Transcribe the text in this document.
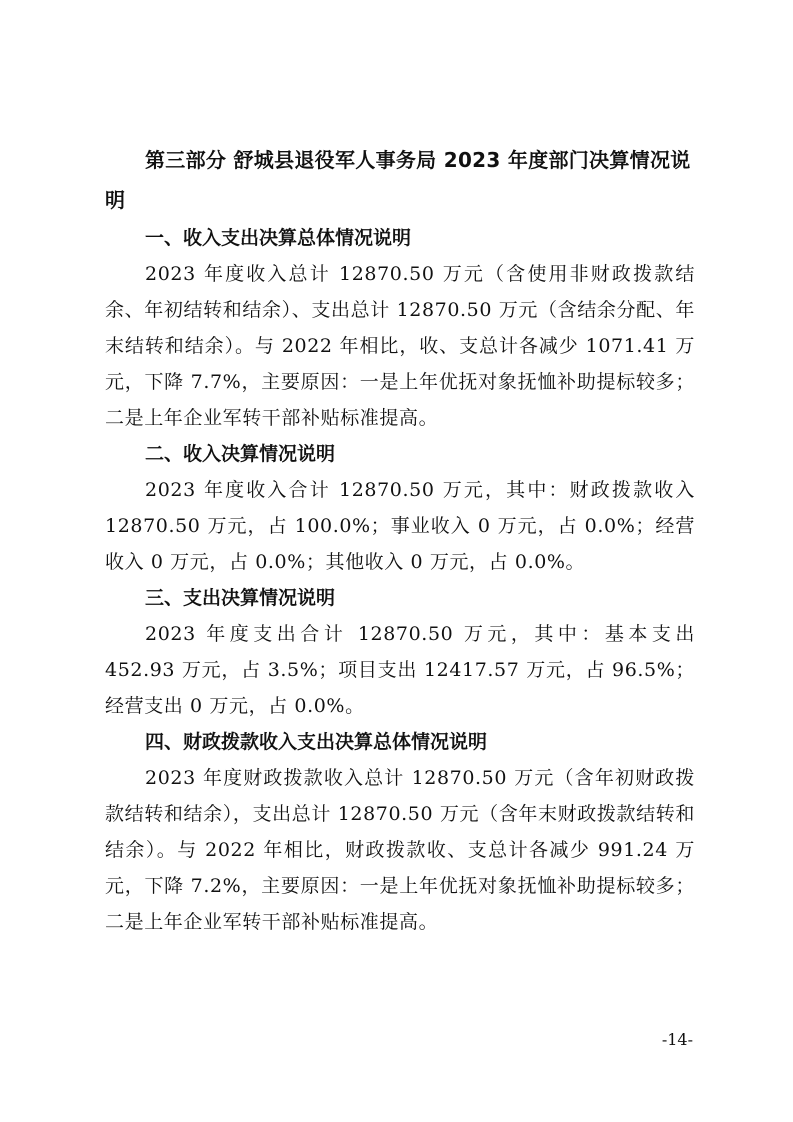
第三部分 舒城县退役军人事务局 2023 年度部门决算情况说明

一、收入支出决算总体情况说明

2023 年度收入总计 12870.50 万元（含使用非财政拨款结余、年初结转和结余）、支出总计 12870.50 万元（含结余分配、年末结转和结余）。与 2022 年相比，收、支总计各减少 1071.41 万元，下降 7.7%，主要原因：一是上年优抚对象抚恤补助提标较多；二是上年企业军转干部补贴标准提高。

二、收入决算情况说明

2023 年度收入合计 12870.50 万元，其中：财政拨款收入 12870.50 万元，占 100.0%；事业收入 0 万元，占 0.0%；经营收入 0 万元，占 0.0%；其他收入 0 万元，占 0.0%。

三、支出决算情况说明

2023 年度支出合计 12870.50 万元，其中：基本支出 452.93 万元，占 3.5%；项目支出 12417.57 万元，占 96.5%；经营支出 0 万元，占 0.0%。

四、财政拨款收入支出决算总体情况说明

2023 年度财政拨款收入总计 12870.50 万元（含年初财政拨款结转和结余），支出总计 12870.50 万元（含年末财政拨款结转和结余）。与 2022 年相比，财政拨款收、支总计各减少 991.24 万元，下降 7.2%，主要原因：一是上年优抚对象抚恤补助提标较多；二是上年企业军转干部补贴标准提高。

-14-
